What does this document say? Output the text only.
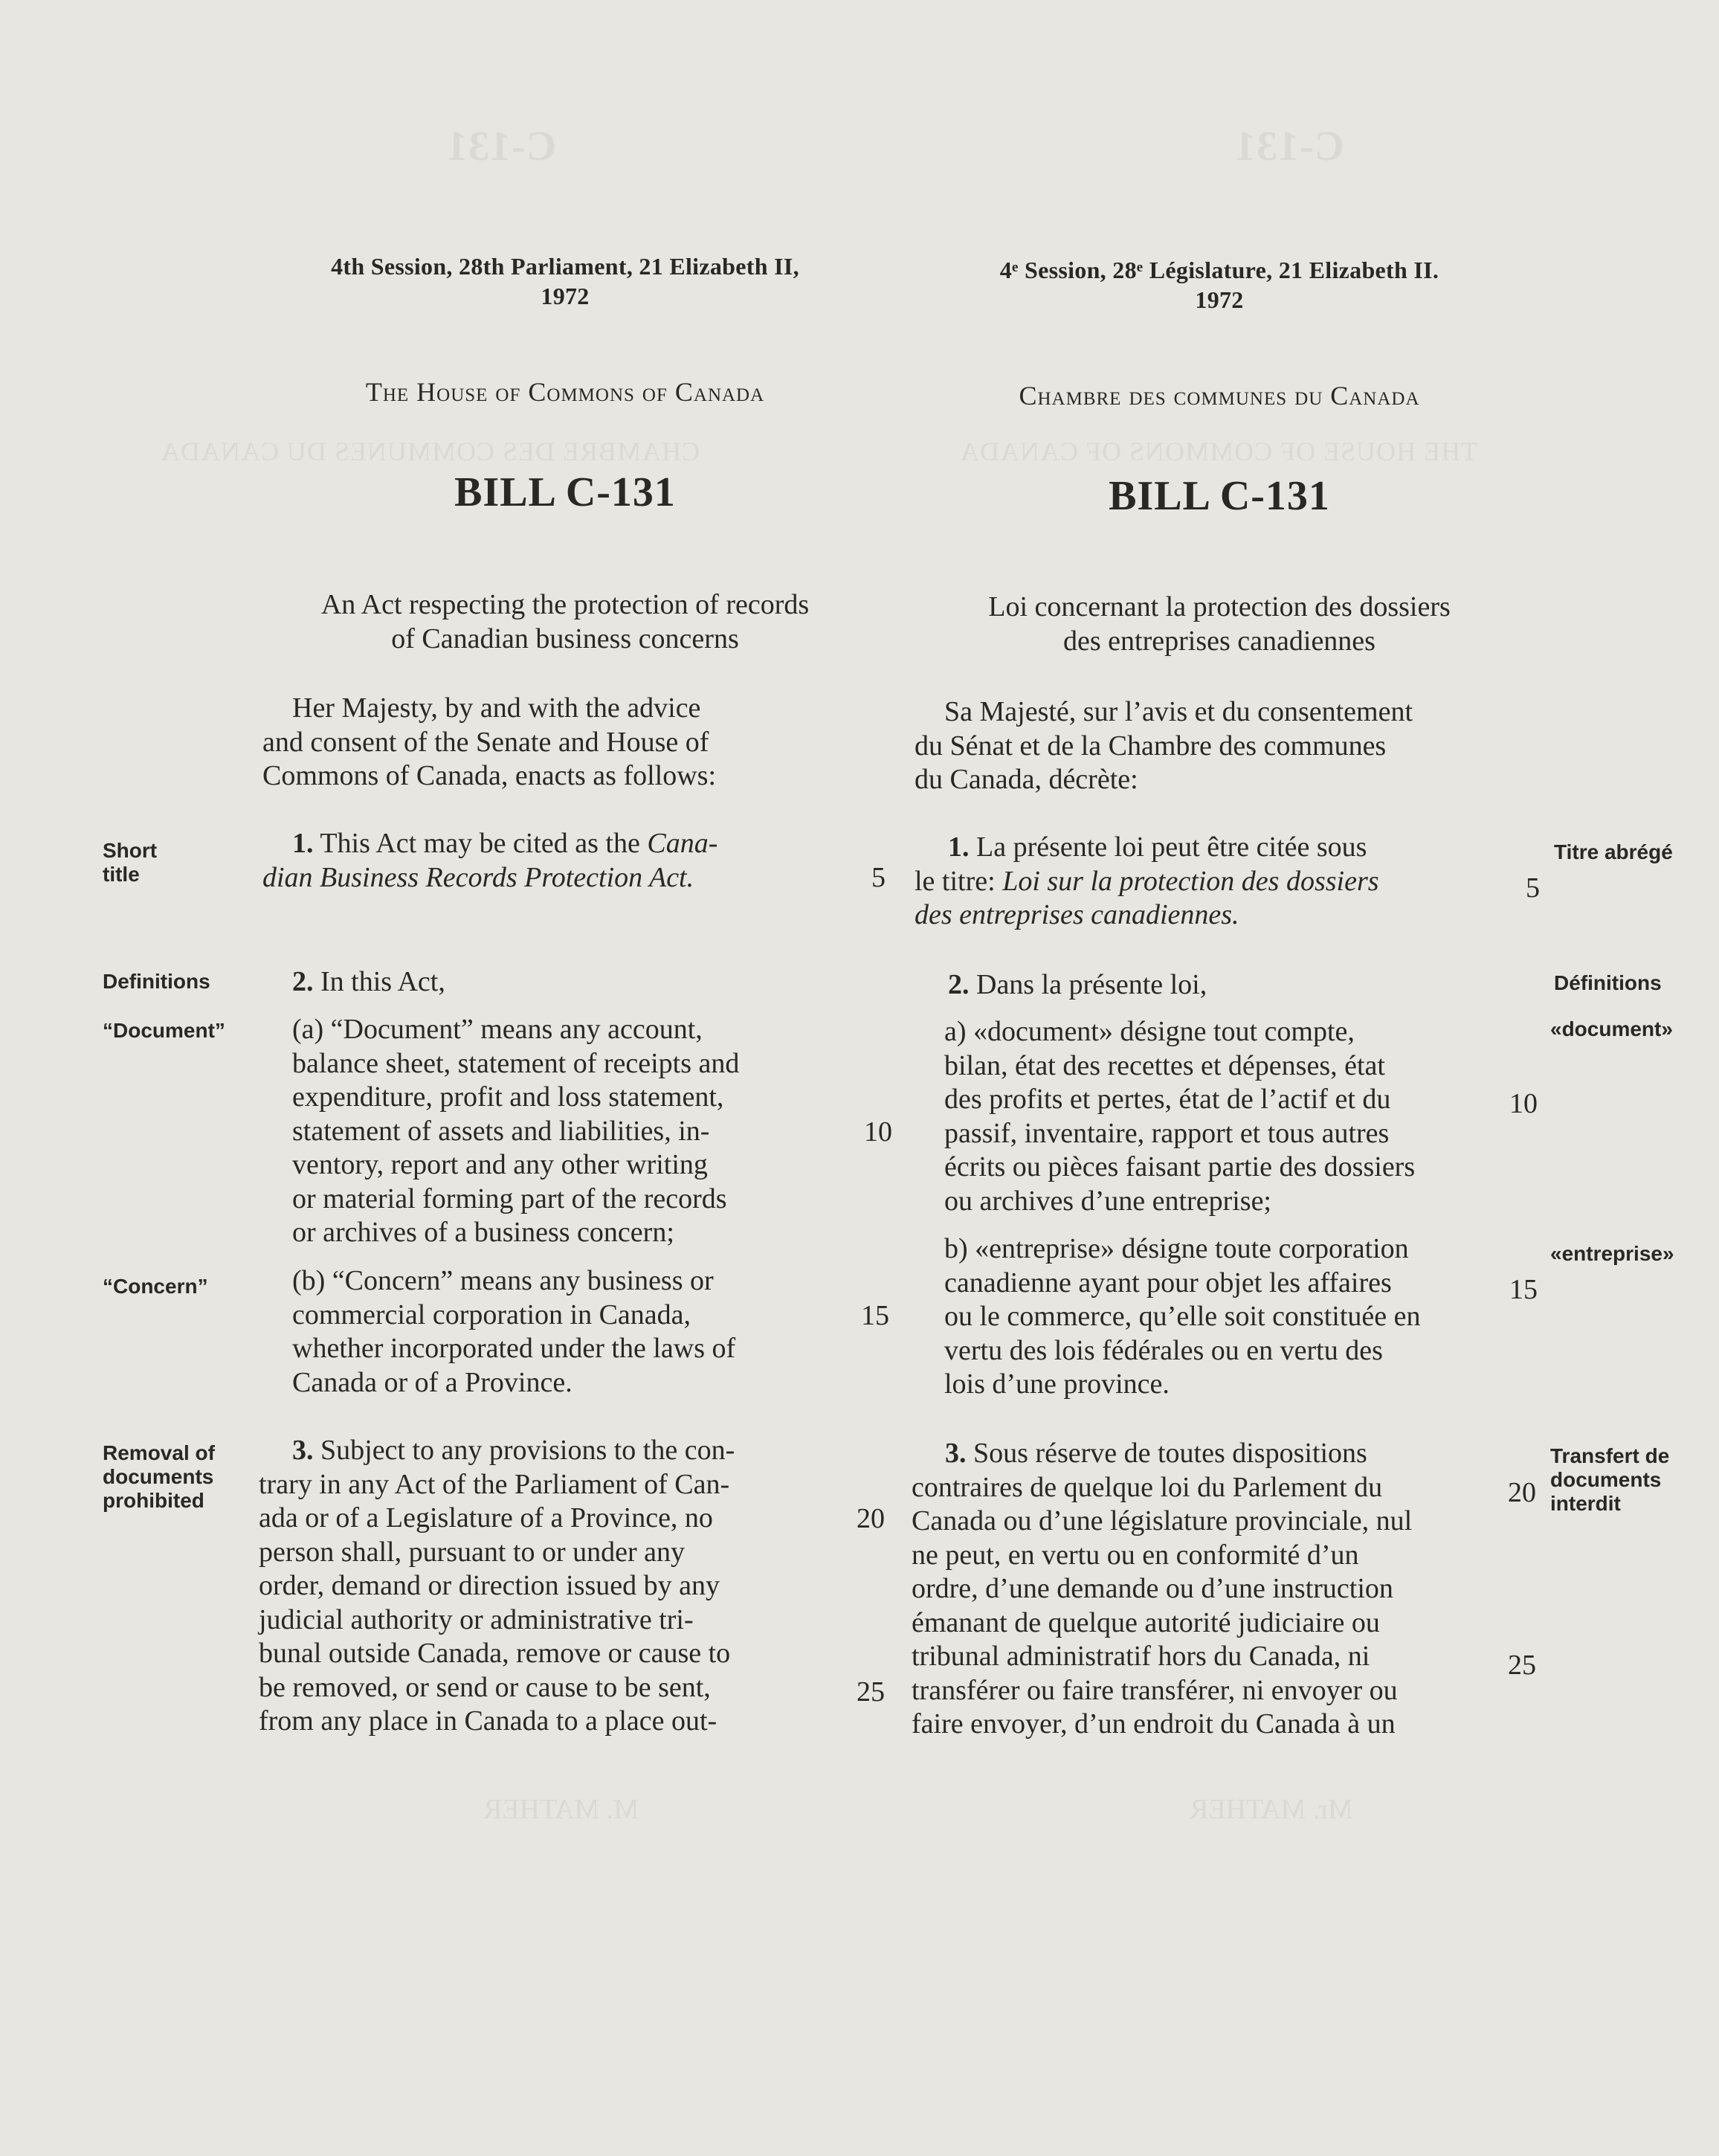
C-131	C-131
CHAMBRE DES COMMUNES DU CANADA	THE HOUSE OF COMMONS OF CANADA
M. MATHER	Mr. MATHER
4th Session, 28th Parliament, 21 Elizabeth II,
1972
The House of Commons of Canada
BILL C-131
An Act respecting the protection of records
of Canadian business concerns
4ᵉ Session, 28ᵉ Législature, 21 Elizabeth II.
1972
Chambre des communes du Canada
BILL C-131
Loi concernant la protection des dossiers
des entreprises canadiennes
Her Majesty, by and with the advice
and consent of the Senate and House of
Commons of Canada, enacts as follows:
1. This Act may be cited as the Cana-
dian Business Records Protection Act.
2. In this Act,
(a) “Document” means any account,
balance sheet, statement of receipts and
expenditure, profit and loss statement,
statement of assets and liabilities, in-
ventory, report and any other writing
or material forming part of the records
or archives of a business concern;
(b) “Concern” means any business or
commercial corporation in Canada,
whether incorporated under the laws of
Canada or of a Province.
3. Subject to any provisions to the con-
trary in any Act of the Parliament of Can-
ada or of a Legislature of a Province, no
person shall, pursuant to or under any
order, demand or direction issued by any
judicial authority or administrative tri-
bunal outside Canada, remove or cause to
be removed, or send or cause to be sent,
from any place in Canada to a place out-
5
10
15
20
25
Short
title
Definitions
“Document”
“Concern”
Removal of
documents
prohibited
Sa Majesté, sur l’avis et du consentement
du Sénat et de la Chambre des communes
du Canada, décrète:
1. La présente loi peut être citée sous
le titre: Loi sur la protection des dossiers
des entreprises canadiennes.
2. Dans la présente loi,
a) «document» désigne tout compte,
bilan, état des recettes et dépenses, état
des profits et pertes, état de l’actif et du
passif, inventaire, rapport et tous autres
écrits ou pièces faisant partie des dossiers
ou archives d’une entreprise;
b) «entreprise» désigne toute corporation
canadienne ayant pour objet les affaires
ou le commerce, qu’elle soit constituée en
vertu des lois fédérales ou en vertu des
lois d’une province.
3. Sous réserve de toutes dispositions
contraires de quelque loi du Parlement du
Canada ou d’une législature provinciale, nul
ne peut, en vertu ou en conformité d’un
ordre, d’une demande ou d’une instruction
émanant de quelque autorité judiciaire ou
tribunal administratif hors du Canada, ni
transférer ou faire transférer, ni envoyer ou
faire envoyer, d’un endroit du Canada à un
5
10
15
20
25
Titre abrégé
Définitions
«document»
«entreprise»
Transfert de
documents
interdit
